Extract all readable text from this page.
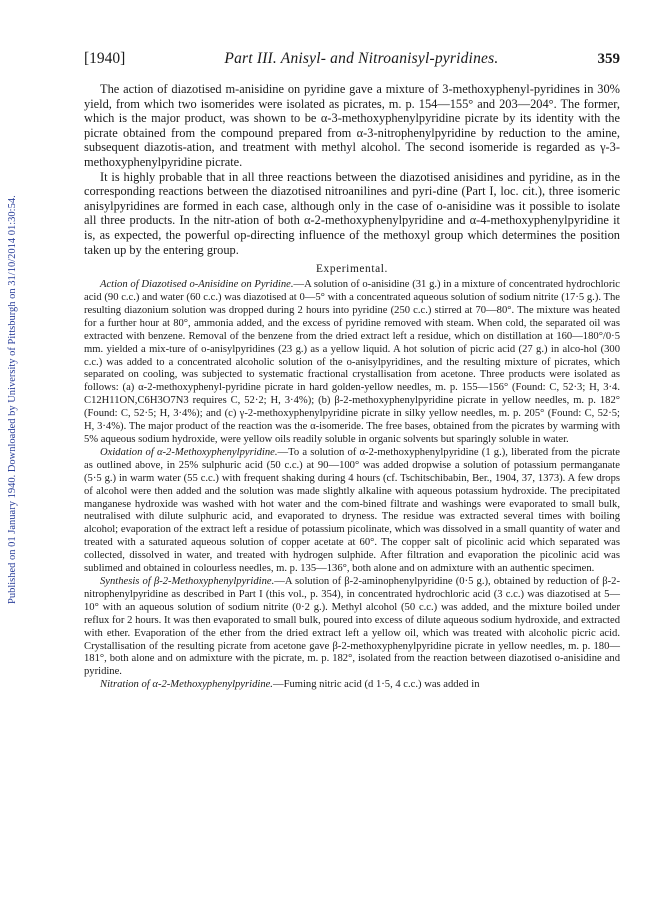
Published on 01 January 1940. Downloaded by University of Pittsburgh on 31/10/2014 01:30:54.
[1940]	Part III. Anisyl- and Nitroanisyl-pyridines.	359

The action of diazotised m-anisidine on pyridine gave a mixture of 3-methoxyphenyl-pyridines in 30% yield, from which two isomerides were isolated as picrates, m. p. 154—155° and 203—204°. The former, which is the major product, was shown to be α-3-methoxyphenylpyridine picrate by its identity with the picrate obtained from the compound prepared from α-3-nitrophenylpyridine by reduction to the amine, subsequent diazotis-ation, and treatment with methyl alcohol. The second isomeride is regarded as γ-3-methoxyphenylpyridine picrate.

It is highly probable that in all three reactions between the diazotised anisidines and pyridine, as in the corresponding reactions between the diazotised nitroanilines and pyri-dine (Part I, loc. cit.), three isomeric anisylpyridines are formed in each case, although only in the case of o-anisidine was it possible to isolate all three products. In the nitr-ation of both α-2-methoxyphenylpyridine and α-4-methoxyphenylpyridine it is, as expected, the powerful op-directing influence of the methoxyl group which determines the position taken up by the entering group.

Experimental.

Action of Diazotised o-Anisidine on Pyridine.—A solution of o-anisidine (31 g.) in a mixture of concentrated hydrochloric acid (90 c.c.) and water (60 c.c.) was diazotised at 0—5° with a concentrated aqueous solution of sodium nitrite (17·5 g.). The resulting diazonium solution was dropped during 2 hours into pyridine (250 c.c.) stirred at 70—80°. The mixture was heated for a further hour at 80°, ammonia added, and the excess of pyridine removed with steam. When cold, the separated oil was extracted with benzene. Removal of the benzene from the dried extract left a residue, which on distillation at 160—180°/0·5 mm. yielded a mix-ture of o-anisylpyridines (23 g.) as a yellow liquid. A hot solution of picric acid (27 g.) in alco-hol (300 c.c.) was added to a concentrated alcoholic solution of the o-anisylpyridines, and the resulting mixture of picrates, which separated on cooling, was subjected to systematic fractional crystallisation from acetone. Three products were isolated as follows: (a) α-2-methoxyphenyl-pyridine picrate in hard golden-yellow needles, m. p. 155—156° (Found: C, 52·3; H, 3·4. C12H11ON,C6H3O7N3 requires C, 52·2; H, 3·4%); (b) β-2-methoxyphenylpyridine picrate in yellow needles, m. p. 182° (Found: C, 52·5; H, 3·4%); and (c) γ-2-methoxyphenylpyridine picrate in silky yellow needles, m. p. 205° (Found: C, 52·5; H, 3·4%). The major product of the reaction was the α-isomeride. The free bases, obtained from the picrates by warming with 5% aqueous sodium hydroxide, were yellow oils readily soluble in organic solvents but sparingly soluble in water.

Oxidation of α-2-Methoxyphenylpyridine.—To a solution of α-2-methoxyphenylpyridine (1 g.), liberated from the picrate as outlined above, in 25% sulphuric acid (50 c.c.) at 90—100° was added dropwise a solution of potassium permanganate (5·5 g.) in warm water (55 c.c.) with frequent shaking during 4 hours (cf. Tschitschibabin, Ber., 1904, 37, 1373). A few drops of alcohol were then added and the solution was made slightly alkaline with aqueous potassium hydroxide. The precipitated manganese hydroxide was washed with hot water and the com-bined filtrate and washings were evaporated to small bulk, neutralised with dilute sulphuric acid, and evaporated to dryness. The residue was extracted several times with boiling alcohol; evaporation of the extract left a residue of potassium picolinate, which was dissolved in a small quantity of water and treated with a saturated aqueous solution of copper acetate at 60°. The copper salt of picolinic acid which separated was collected, dissolved in water, and treated with hydrogen sulphide. After filtration and evaporation the picolinic acid was sublimed and obtained in colourless needles, m. p. 135—136°, both alone and on admixture with an authentic specimen.

Synthesis of β-2-Methoxyphenylpyridine.—A solution of β-2-aminophenylpyridine (0·5 g.), obtained by reduction of β-2-nitrophenylpyridine as described in Part I (this vol., p. 354), in concentrated hydrochloric acid (3 c.c.) was diazotised at 5—10° with an aqueous solution of sodium nitrite (0·2 g.). Methyl alcohol (50 c.c.) was added, and the mixture boiled under reflux for 2 hours. It was then evaporated to small bulk, poured into excess of dilute aqueous sodium hydroxide, and extracted with ether. Evaporation of the ether from the dried extract left a yellow oil, which was treated with alcoholic picric acid. Crystallisation of the resulting picrate from acetone gave β-2-methoxyphenylpyridine picrate in yellow needles, m. p. 180—181°, both alone and on admixture with the picrate, m. p. 182°, isolated from the reaction between diazotised o-anisidine and pyridine.

Nitration of α-2-Methoxyphenylpyridine.—Fuming nitric acid (d 1·5, 4 c.c.) was added in
